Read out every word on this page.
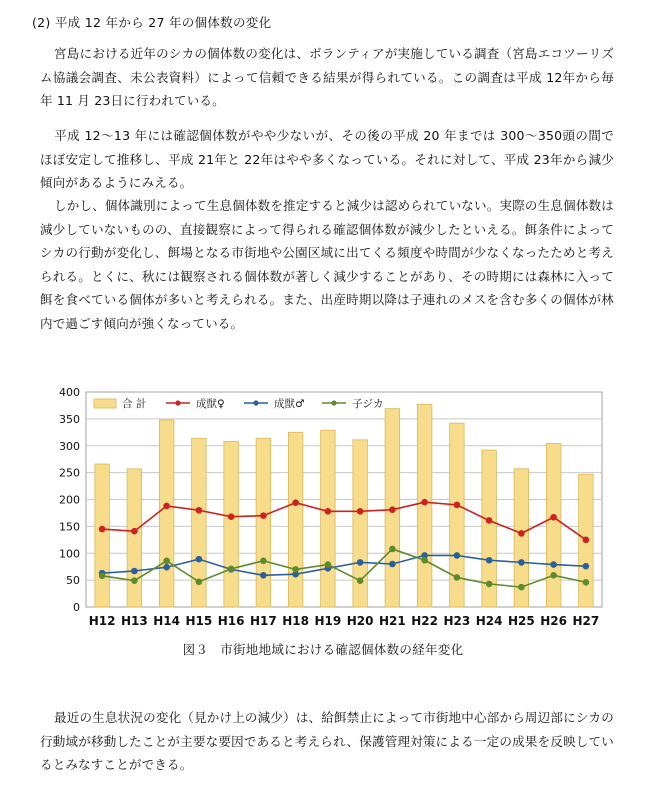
(2) 平成 12 年から 27 年の個体数の変化

宮島における近年のシカの個体数の変化は、ボランティアが実施している調査（宮島エコツーリズム協議会調査、未公表資料）によって信頼できる結果が得られている。この調査は平成 12年から毎年 11 月 23日に行われている。

平成 12～13 年には確認個体数がやや少ないが、その後の平成 20 年までは 300～350頭の間でほぼ安定して推移し、平成 21年と 22年はやや多くなっている。それに対して、平成 23年から減少傾向があるようにみえる。

しかし、個体識別によって生息個体数を推定すると減少は認められていない。実際の生息個体数は減少していないものの、直接観察によって得られる確認個体数が減少したといえる。餌条件によってシカの行動が変化し、餌場となる市街地や公園区域に出てくる頻度や時間が少なくなったためと考えられる。とくに、秋には観察される個体数が著しく減少することがあり、その時期には森林に入って餌を食べている個体が多いと考えられる。また、出産時期以降は子連れのメスを含む多くの個体が林内で過ごす傾向が強くなっている。

0
50
100
150
200
250
300
350
400
H12 H13 H14 H15 H16 H17 H18 H19 H20 H21 H22 H23 H24 H25 H26 H27
合 計	成獣♀	成獣♂	子ジカ
図３ 市街地地域における確認個体数の経年変化

最近の生息状況の変化（見かけ上の減少）は、給餌禁止によって市街地中心部から周辺部にシカの行動域が移動したことが主要な要因であると考えられ、保護管理対策による一定の成果を反映しているとみなすことができる。
